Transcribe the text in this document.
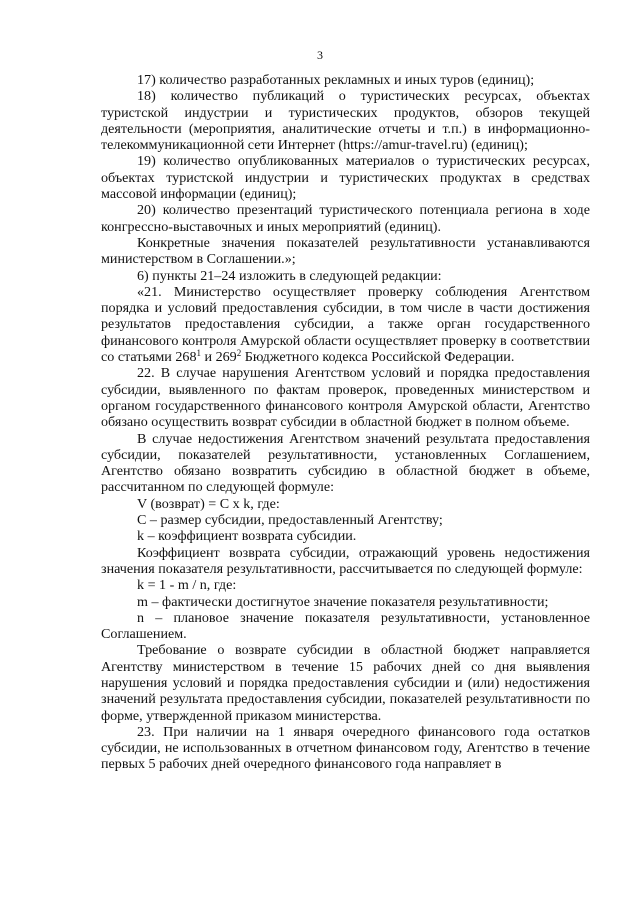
3

17) количество разработанных рекламных и иных туров (единиц);

18) количество публикаций о туристических ресурсах, объектах туристской индустрии и туристических продуктов, обзоров текущей деятельности (мероприятия, аналитические отчеты и т.п.) в информационно-телекоммуникационной сети Интернет (https://amur-travel.ru) (единиц);

19) количество опубликованных материалов о туристических ресурсах, объектах туристской индустрии и туристических продуктах в средствах массовой информации (единиц);

20) количество презентаций туристического потенциала региона в ходе конгрессно-выставочных и иных мероприятий (единиц).

Конкретные значения показателей результативности устанавливаются министерством в Соглашении.»;

6) пункты 21–24 изложить в следующей редакции:

«21. Министерство осуществляет проверку соблюдения Агентством порядка и условий предоставления субсидии, в том числе в части достижения результатов предоставления субсидии, а также орган государственного финансового контроля Амурской области осуществляет проверку в соответствии со статьями $268^1$ и $269^2$ Бюджетного кодекса Российской Федерации.

22. В случае нарушения Агентством условий и порядка предоставления субсидии, выявленного по фактам проверок, проведенных министерством и органом государственного финансового контроля Амурской области, Агентство обязано осуществить возврат субсидии в областной бюджет в полном объеме.

В случае недостижения Агентством значений результата предоставления субсидии, показателей результативности, установленных Соглашением, Агентство обязано возвратить субсидию в областной бюджет в объеме, рассчитанном по следующей формуле:

V (возврат) = C x k, где:

C – размер субсидии, предоставленный Агентству;

k – коэффициент возврата субсидии.

Коэффициент возврата субсидии, отражающий уровень недостижения значения показателя результативности, рассчитывается по следующей формуле:

k = 1 - m / n, где:

m – фактически достигнутое значение показателя результативности;

n – плановое значение показателя результативности, установленное Соглашением.

Требование о возврате субсидии в областной бюджет направляется Агентству министерством в течение 15 рабочих дней со дня выявления нарушения условий и порядка предоставления субсидии и (или) недостижения значений результата предоставления субсидии, показателей результативности по форме, утвержденной приказом министерства.

23. При наличии на 1 января очередного финансового года остатков субсидии, не использованных в отчетном финансовом году, Агентство в течение первых 5 рабочих дней очередного финансового года направляет в
